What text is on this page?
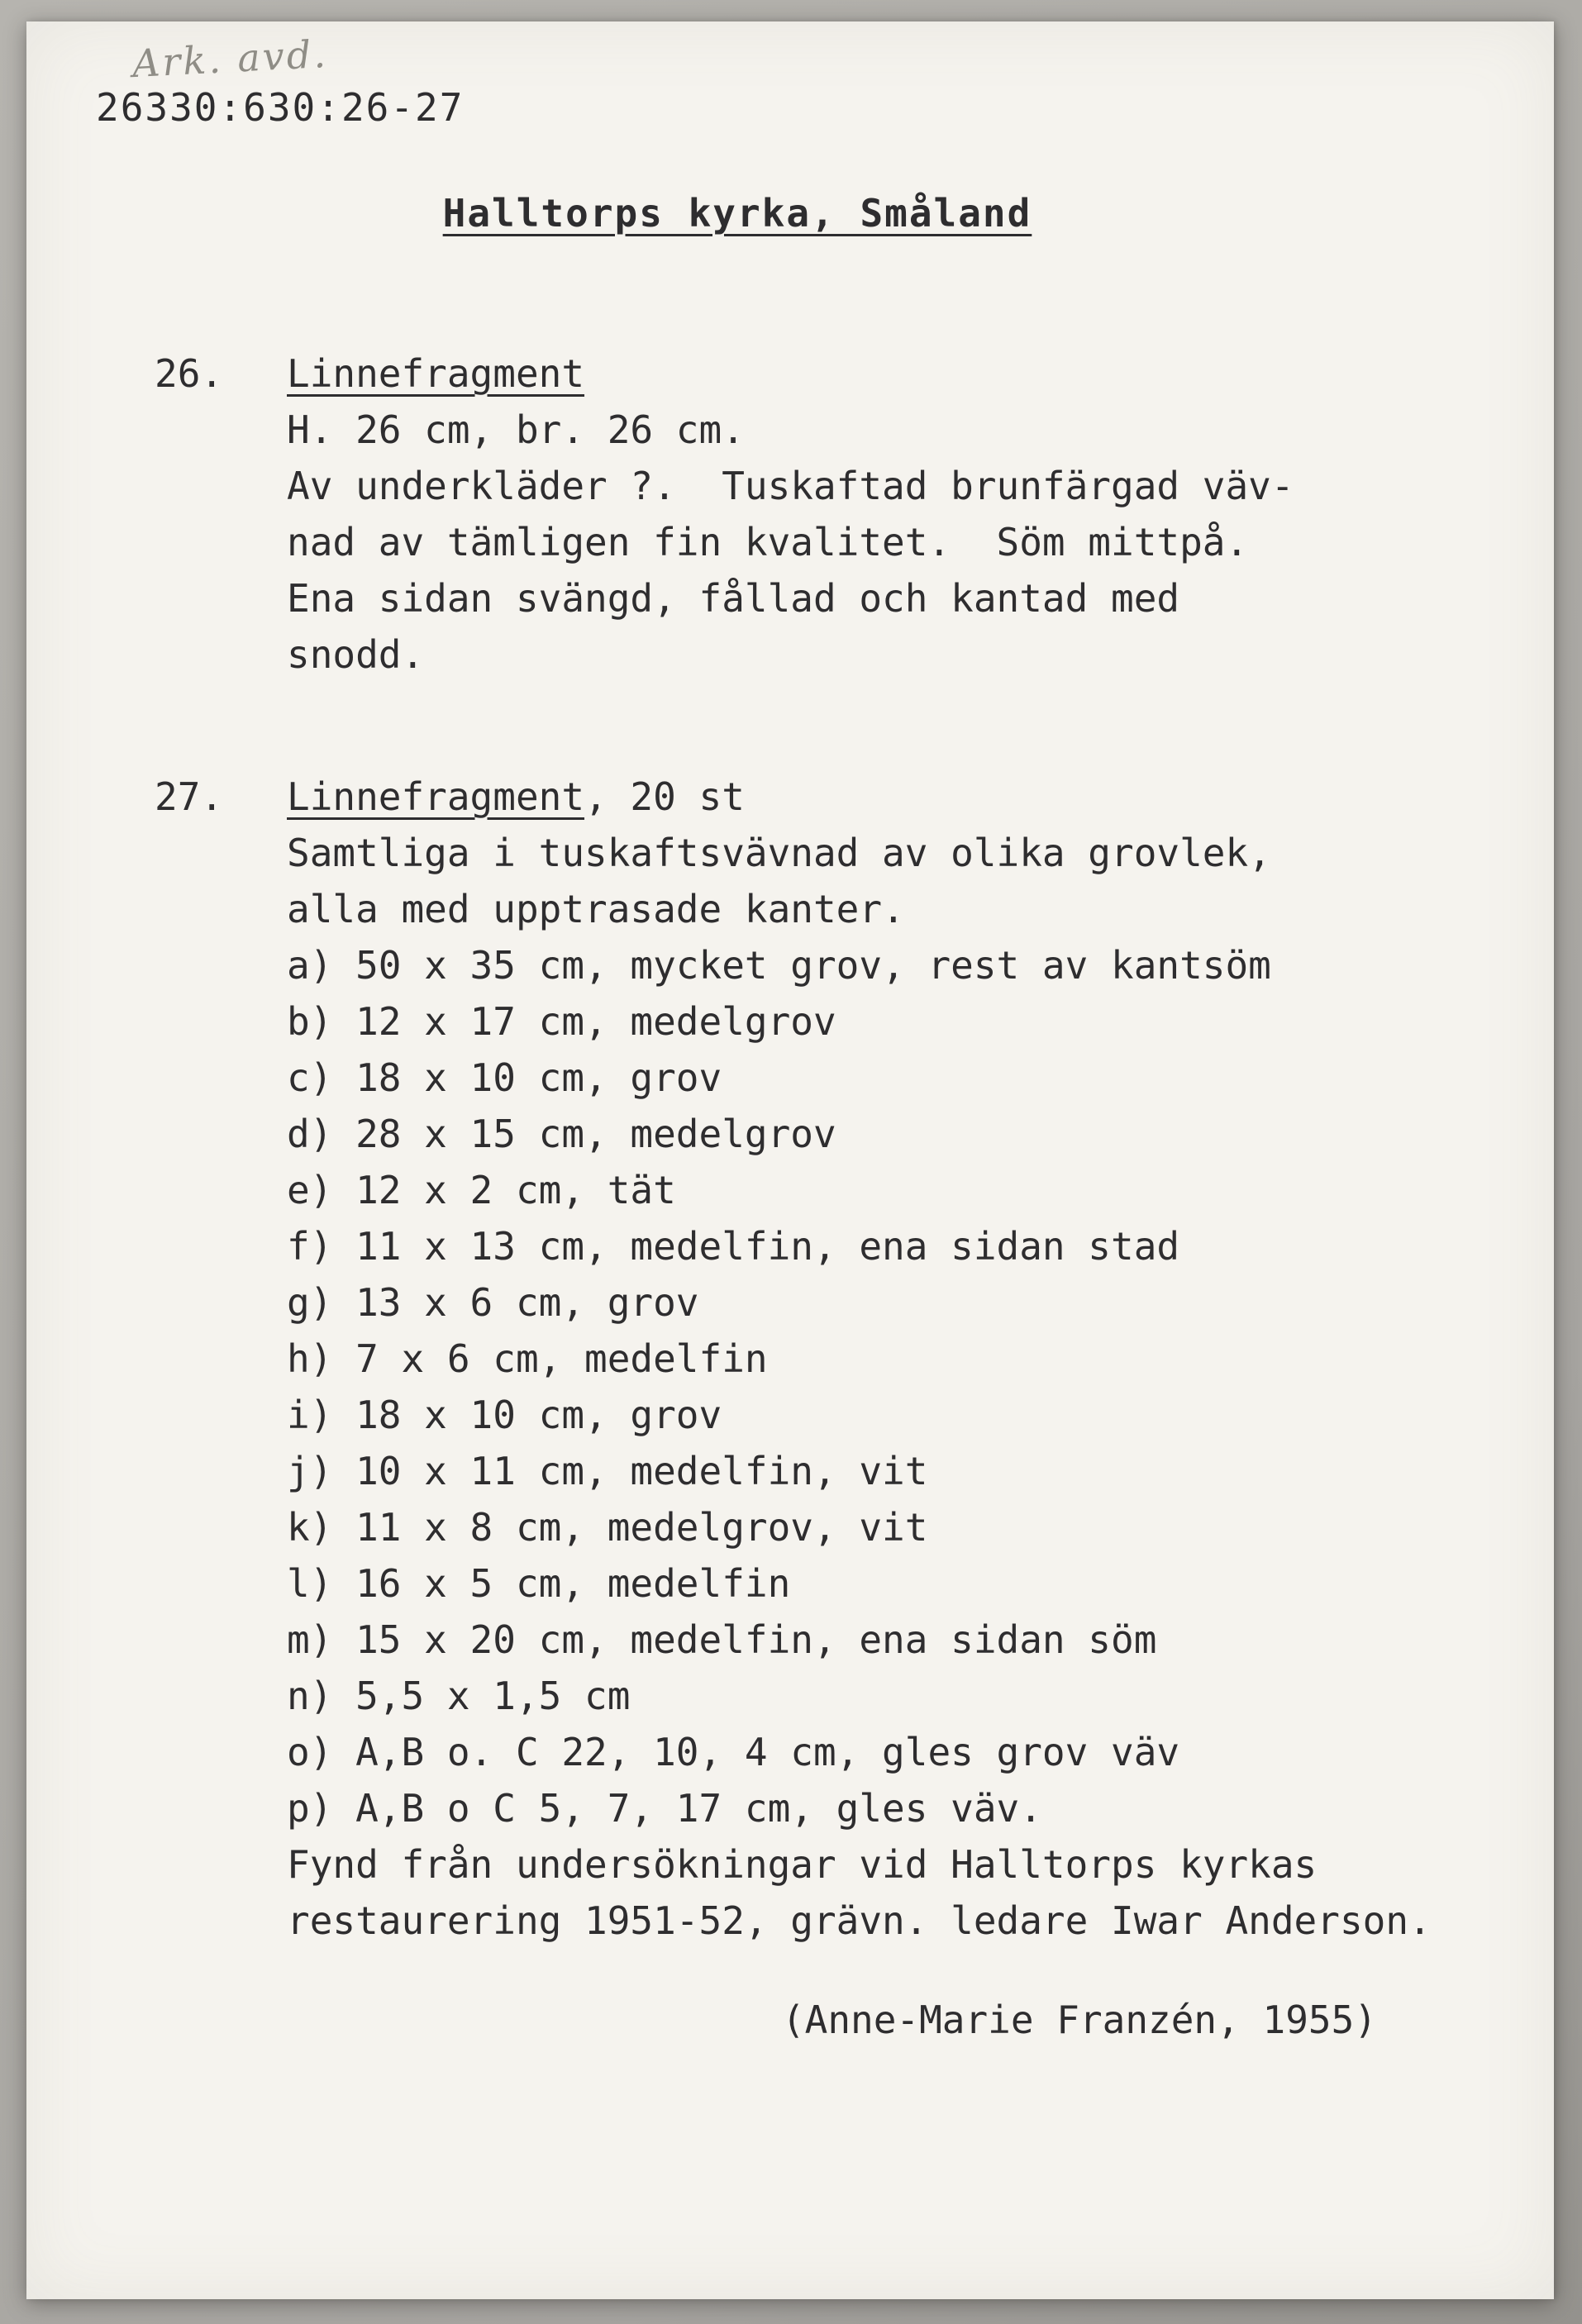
Ark. avd.
26330:630:26-27
Halltorps kyrka, Småland
26.	Linnefragment
H. 26 cm, br. 26 cm.
Av underkläder ?.  Tuskaftad brunfärgad väv-
nad av tämligen fin kvalitet.  Söm mittpå.
Ena sidan svängd, fållad och kantad med
snodd.
27.	Linnefragment, 20 st
Samtliga i tuskaftsvävnad av olika grovlek,
alla med upptrasade kanter.
a) 50 x 35 cm, mycket grov, rest av kantsöm
b) 12 x 17 cm, medelgrov
c) 18 x 10 cm, grov
d) 28 x 15 cm, medelgrov
e) 12 x 2 cm, tät
f) 11 x 13 cm, medelfin, ena sidan stad
g) 13 x 6 cm, grov
h) 7 x 6 cm, medelfin
i) 18 x 10 cm, grov
j) 10 x 11 cm, medelfin, vit
k) 11 x 8 cm, medelgrov, vit
l) 16 x 5 cm, medelfin
m) 15 x 20 cm, medelfin, ena sidan söm
n) 5,5 x 1,5 cm
o) A,B o. C 22, 10, 4 cm, gles grov väv
p) A,B o C 5, 7, 17 cm, gles väv.
Fynd från undersökningar vid Halltorps kyrkas
restaurering 1951-52, grävn. ledare Iwar Anderson.
(Anne-Marie Franzén, 1955)
